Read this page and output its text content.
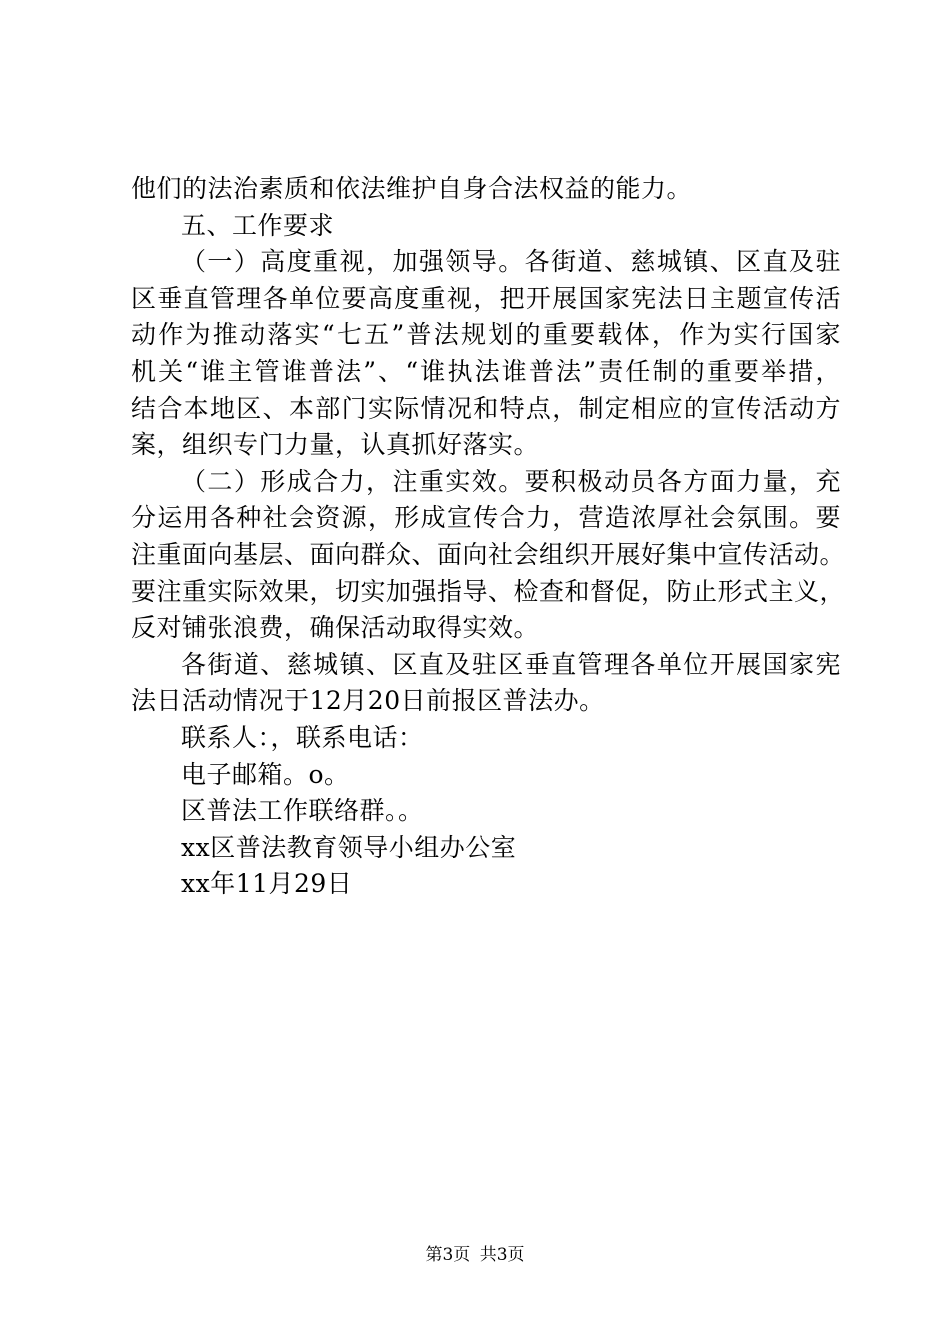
他们的法治素质和依法维护自身合法权益的能力。
五、工作要求
（一）高度重视，加强领导。各街道、慈城镇、区直及驻
区垂直管理各单位要高度重视，把开展国家宪法日主题宣传活
动作为推动落实“七五”普法规划的重要载体，作为实行国家
机关“谁主管谁普法”、“谁执法谁普法”责任制的重要举措，
结合本地区、本部门实际情况和特点，制定相应的宣传活动方
案，组织专门力量，认真抓好落实。
（二）形成合力，注重实效。要积极动员各方面力量，充
分运用各种社会资源，形成宣传合力，营造浓厚社会氛围。要
注重面向基层、面向群众、面向社会组织开展好集中宣传活动。
要注重实际效果，切实加强指导、检查和督促，防止形式主义，
反对铺张浪费，确保活动取得实效。
各街道、慈城镇、区直及驻区垂直管理各单位开展国家宪
法日活动情况于12月20日前报区普法办。
联系人：，联系电话：
电子邮箱。o。
区普法工作联络群。。
xx区普法教育领导小组办公室
xx年11月29日
第3页 共3页
